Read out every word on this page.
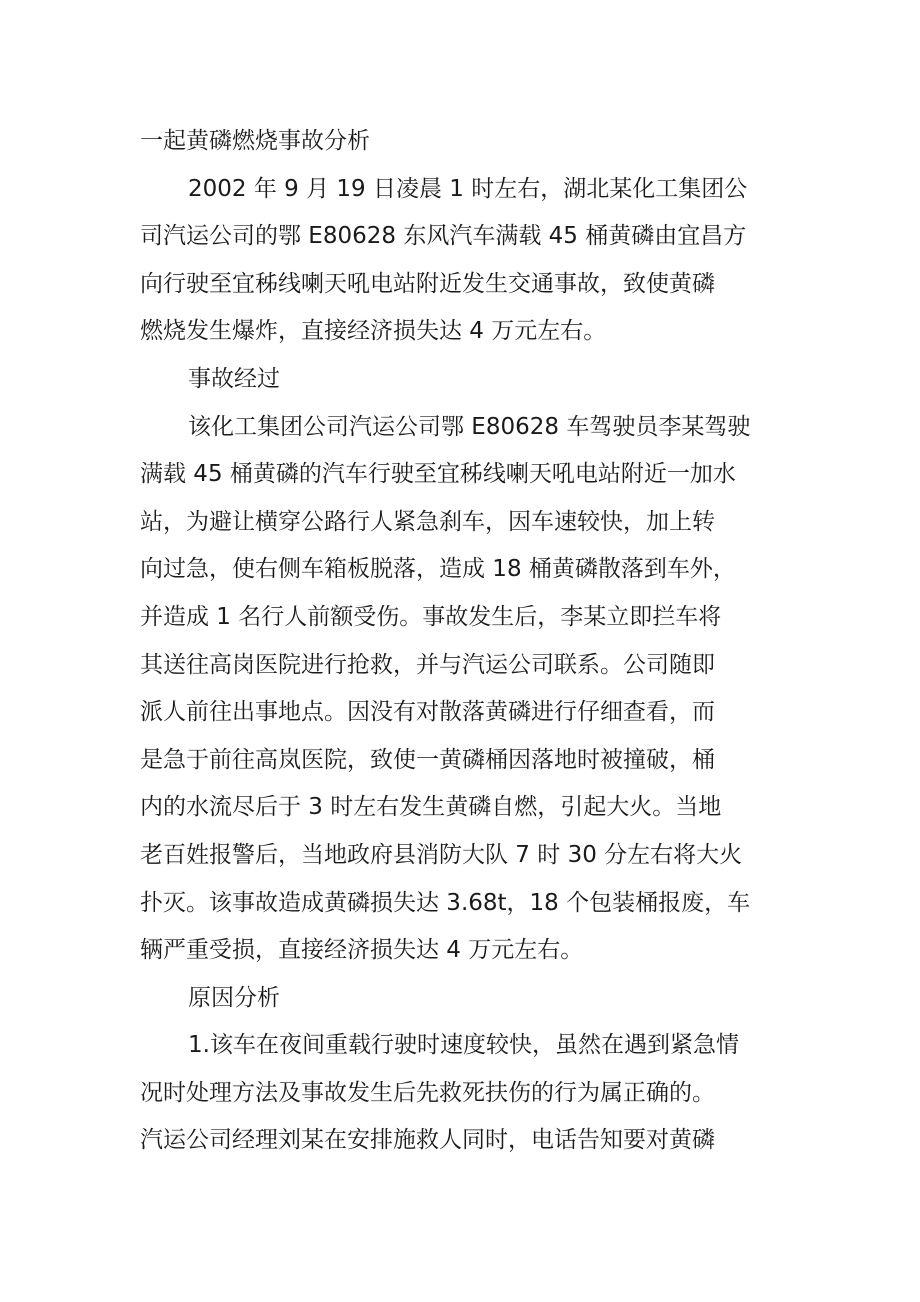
一起黄磷燃烧事故分析
2002 年 9 月 19 日凌晨 1 时左右，湖北某化工集团公
司汽运公司的鄂 E80628 东风汽车满载 45 桶黄磷由宜昌方
向行驶至宜秭线喇天吼电站附近发生交通事故，致使黄磷
燃烧发生爆炸，直接经济损失达 4 万元左右。
事故经过
该化工集团公司汽运公司鄂 E80628 车驾驶员李某驾驶
满载 45 桶黄磷的汽车行驶至宜秭线喇天吼电站附近一加水
站，为避让横穿公路行人紧急刹车，因车速较快，加上转
向过急，使右侧车箱板脱落，造成 18 桶黄磷散落到车外，
并造成 1 名行人前额受伤。事故发生后，李某立即拦车将
其送往高岗医院进行抢救，并与汽运公司联系。公司随即
派人前往出事地点。因没有对散落黄磷进行仔细查看，而
是急于前往高岚医院，致使一黄磷桶因落地时被撞破，桶
内的水流尽后于 3 时左右发生黄磷自燃，引起大火。当地
老百姓报警后，当地政府县消防大队 7 时 30 分左右将大火
扑灭。该事故造成黄磷损失达 3.68t，18 个包装桶报废，车
辆严重受损，直接经济损失达 4 万元左右。
原因分析
1.该车在夜间重载行驶时速度较快，虽然在遇到紧急情
况时处理方法及事故发生后先救死扶伤的行为属正确的。
汽运公司经理刘某在安排施救人同时，电话告知要对黄磷
